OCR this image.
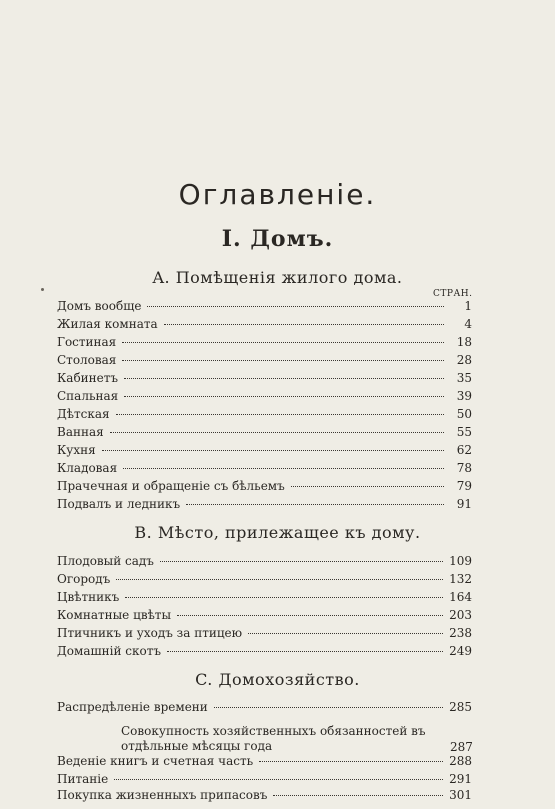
Оглавленіе.
I. Домъ.
СТРАН.
A. Помѣщенія жилого дома.
Домъ вообще	1
Жилая комната	4
Гостиная	18
Столовая	28
Кабинетъ	35
Спальная	39
Дѣтская	50
Ванная	55
Кухня	62
Кладовая	78
Прачечная и обращеніе съ бѣльемъ	79
Подвалъ и ледникъ	91
B. Мѣсто, прилежащее къ дому.
Плодовый садъ	109
Огородъ	132
Цвѣтникъ	164
Комнатные цвѣты	203
Птичникъ и уходъ за птицею	238
Домашній скотъ	249
C. Домохозяйство.
Распредѣленіе времени	285
Совокупность хозяйственныхъ обязанностей въ отдѣльные мѣсяцы года	287
Веденіе книгъ и счетная часть	288
Питаніе	291
Покупка жизненныхъ припасовъ	301
